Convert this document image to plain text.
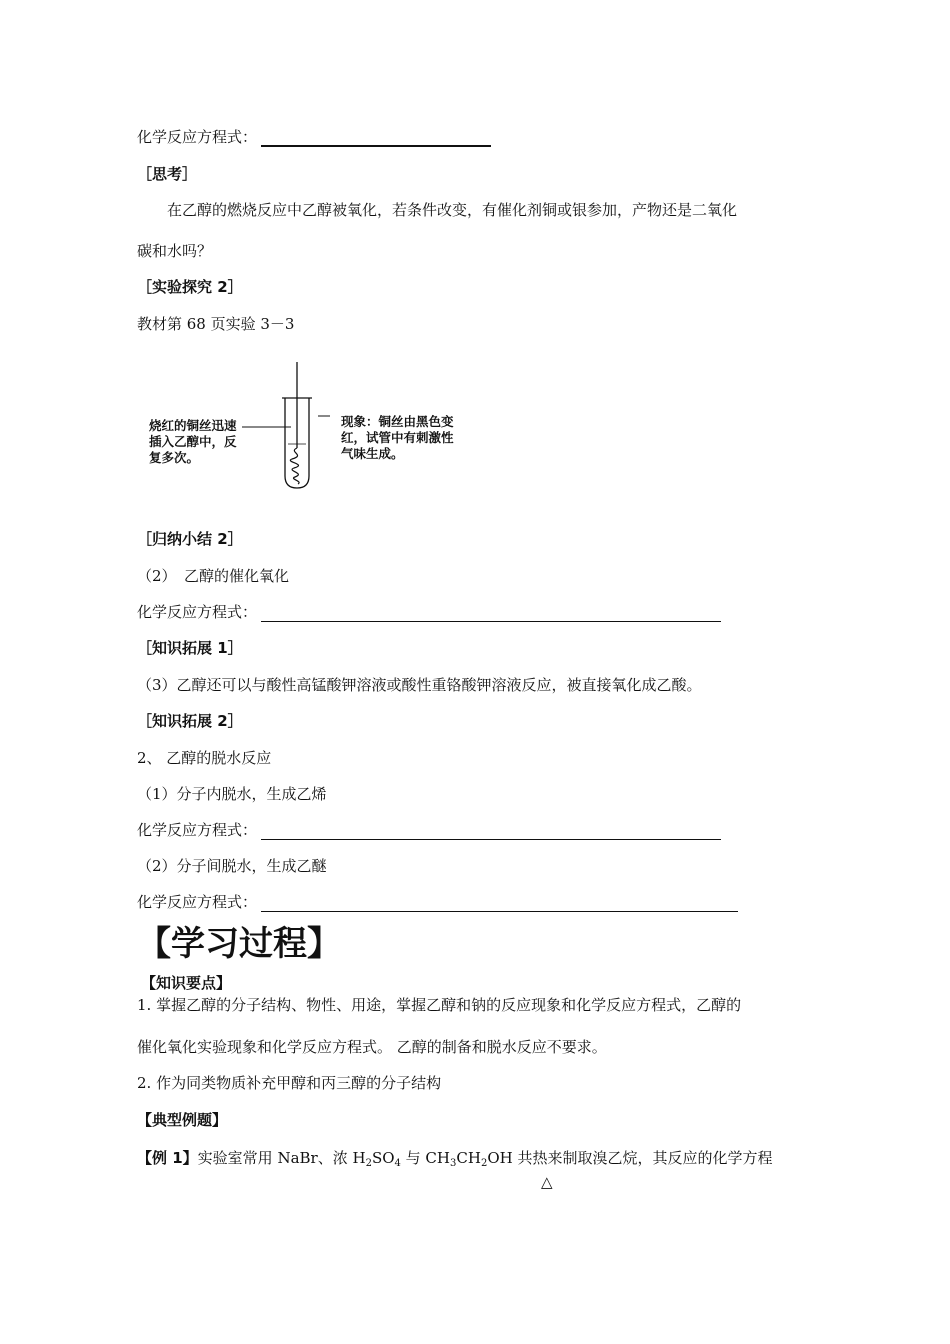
化学反应方程式：
［思考］
在乙醇的燃烧反应中乙醇被氧化，若条件改变，有催化剂铜或银参加，产物还是二氧化
碳和水吗？
［实验探究 2］
教材第 68 页实验 3－3
烧红的铜丝迅速
插入乙醇中，反
复多次。
现象：铜丝由黑色变
红，试管中有刺激性
气味生成。
［归纳小结 2］
（2）　乙醇的催化氧化
化学反应方程式：
［知识拓展 1］
（3）乙醇还可以与酸性高锰酸钾溶液或酸性重铬酸钾溶液反应，被直接氧化成乙酸。
［知识拓展 2］
2、 乙醇的脱水反应
（1）分子内脱水，生成乙烯
化学反应方程式：
（2）分子间脱水，生成乙醚
化学反应方程式：
【学习过程】
【知识要点】
1. 掌握乙醇的分子结构、物性、用途，掌握乙醇和钠的反应现象和化学反应方程式，乙醇的
催化氧化实验现象和化学反应方程式。 乙醇的制备和脱水反应不要求。
2. 作为同类物质补充甲醇和丙三醇的分子结构
【典型例题】
【例 1】实验室常用 NaBr、浓 $H_2SO_4$ 与 $CH_3CH_2OH$ 共热来制取溴乙烷，其反应的化学方程
△
